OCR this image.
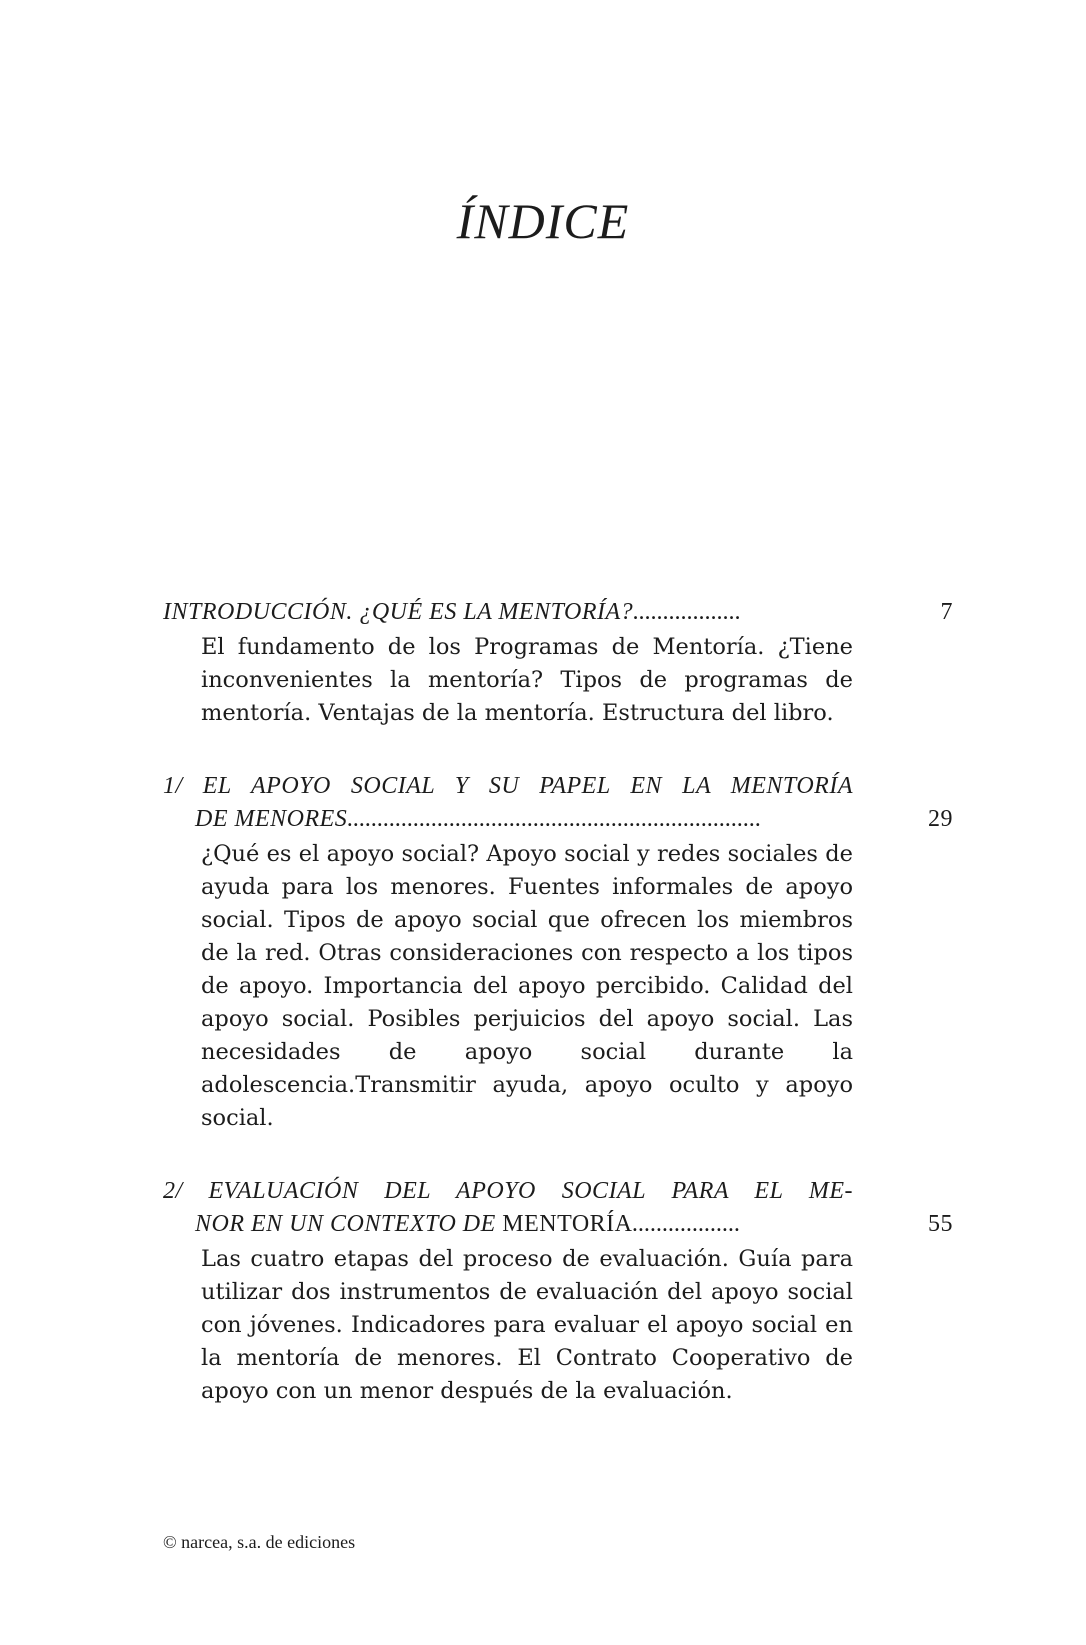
ÍNDICE
INTRODUCCIÓN. ¿QUÉ ES LA MENTORÍA?..................	7
El fundamento de los Programas de Mentoría. ¿Tiene inconvenientes la mentoría? Tipos de programas de mentoría. Ventajas de la mentoría. Estructura del libro.
1/ EL APOYO SOCIAL Y SU PAPEL EN LA MENTORÍA
DE MENORES.....................................................................	29
¿Qué es el apoyo social? Apoyo social y redes sociales de ayuda para los menores. Fuentes informales de apoyo social. Tipos de apoyo social que ofrecen los miembros de la red. Otras consideraciones con respecto a los tipos de apoyo. Importancia del apoyo percibido. Calidad del apoyo social. Posibles perjuicios del apoyo social. Las necesidades de apoyo social durante la adolescencia.Transmitir ayuda, apoyo oculto y apoyo social.
2/ EVALUACIÓN DEL APOYO SOCIAL PARA EL ME-
NOR EN UN CONTEXTO DE MENTORÍA..................	55
Las cuatro etapas del proceso de evaluación. Guía para utilizar dos instrumentos de evaluación del apoyo social con jóvenes. Indicadores para evaluar el apoyo social en la mentoría de menores. El Contrato Cooperativo de apoyo con un menor después de la evaluación.
© narcea, s.a. de ediciones
